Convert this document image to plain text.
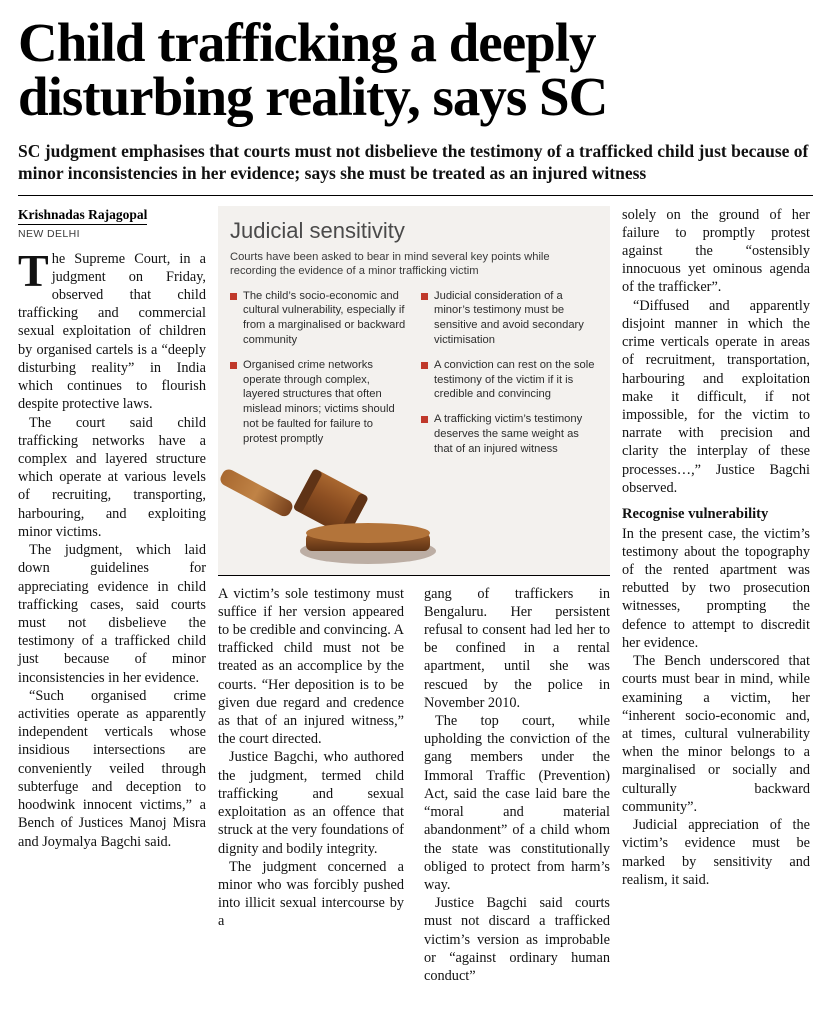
Child trafficking a deeply disturbing reality, says SC
SC judgment emphasises that courts must not disbelieve the testimony of a trafficked child just because of minor inconsistencies in her evidence; says she must be treated as an injured witness
Krishnadas Rajagopal
NEW DELHI

The Supreme Court, in a judgment on Friday, observed that child trafficking and commercial sexual exploitation of children by organised cartels is a “deeply disturbing reality” in India which continues to flourish despite protective laws.

The court said child trafficking networks have a complex and layered structure which operate at various levels of recruiting, transporting, harbouring, and exploiting minor victims.

The judgment, which laid down guidelines for appreciating evidence in child trafficking cases, said courts must not disbelieve the testimony of a trafficked child just because of minor inconsistencies in her evidence.

“Such organised crime activities operate as apparently independent verticals whose insidious intersections are conveniently veiled through subterfuge and deception to hoodwink innocent victims,” a Bench of Justices Manoj Misra and Joymalya Bagchi said.

Judicial sensitivity
Courts have been asked to bear in mind several key points while recording the evidence of a minor trafficking victim
The child’s socio-economic and cultural vulnerability, especially if from a marginalised or backward community
Organised crime networks operate through complex, layered structures that often mislead minors; victims should not be faulted for failure to protest promptly
Judicial consideration of a minor’s testimony must be sensitive and avoid secondary victimisation
A conviction can rest on the sole testimony of the victim if it is credible and convincing
A trafficking victim’s testimony deserves the same weight as that of an injured witness

A victim’s sole testimony must suffice if her version appeared to be credible and convincing. A trafficked child must not be treated as an accomplice by the courts. “Her deposition is to be given due regard and credence as that of an injured witness,” the court directed.

Justice Bagchi, who authored the judgment, termed child trafficking and sexual exploitation as an offence that struck at the very foundations of dignity and bodily integrity.

The judgment concerned a minor who was forcibly pushed into illicit sexual intercourse by a

gang of traffickers in Bengaluru. Her persistent refusal to consent had led her to be confined in a rental apartment, until she was rescued by the police in November 2010.

The top court, while upholding the conviction of the gang members under the Immoral Traffic (Prevention) Act, said the case laid bare the “moral and material abandonment” of a child whom the state was constitutionally obliged to protect from harm’s way.

Justice Bagchi said courts must not discard a trafficked victim’s version as improbable or “against ordinary human conduct”

solely on the ground of her failure to promptly protest against the “ostensibly innocuous yet ominous agenda of the trafficker”.

“Diffused and apparently disjoint manner in which the crime verticals operate in areas of recruitment, transportation, harbouring and exploitation make it difficult, if not impossible, for the victim to narrate with precision and clarity the interplay of these processes…,” Justice Bagchi observed.

Recognise vulnerability

In the present case, the victim’s testimony about the topography of the rented apartment was rebutted by two prosecution witnesses, prompting the defence to attempt to discredit her evidence.

The Bench underscored that courts must bear in mind, while examining a victim, her “inherent socio-economic and, at times, cultural vulnerability when the minor belongs to a marginalised or socially and culturally backward community”.

Judicial appreciation of the victim’s evidence must be marked by sensitivity and realism, it said.
